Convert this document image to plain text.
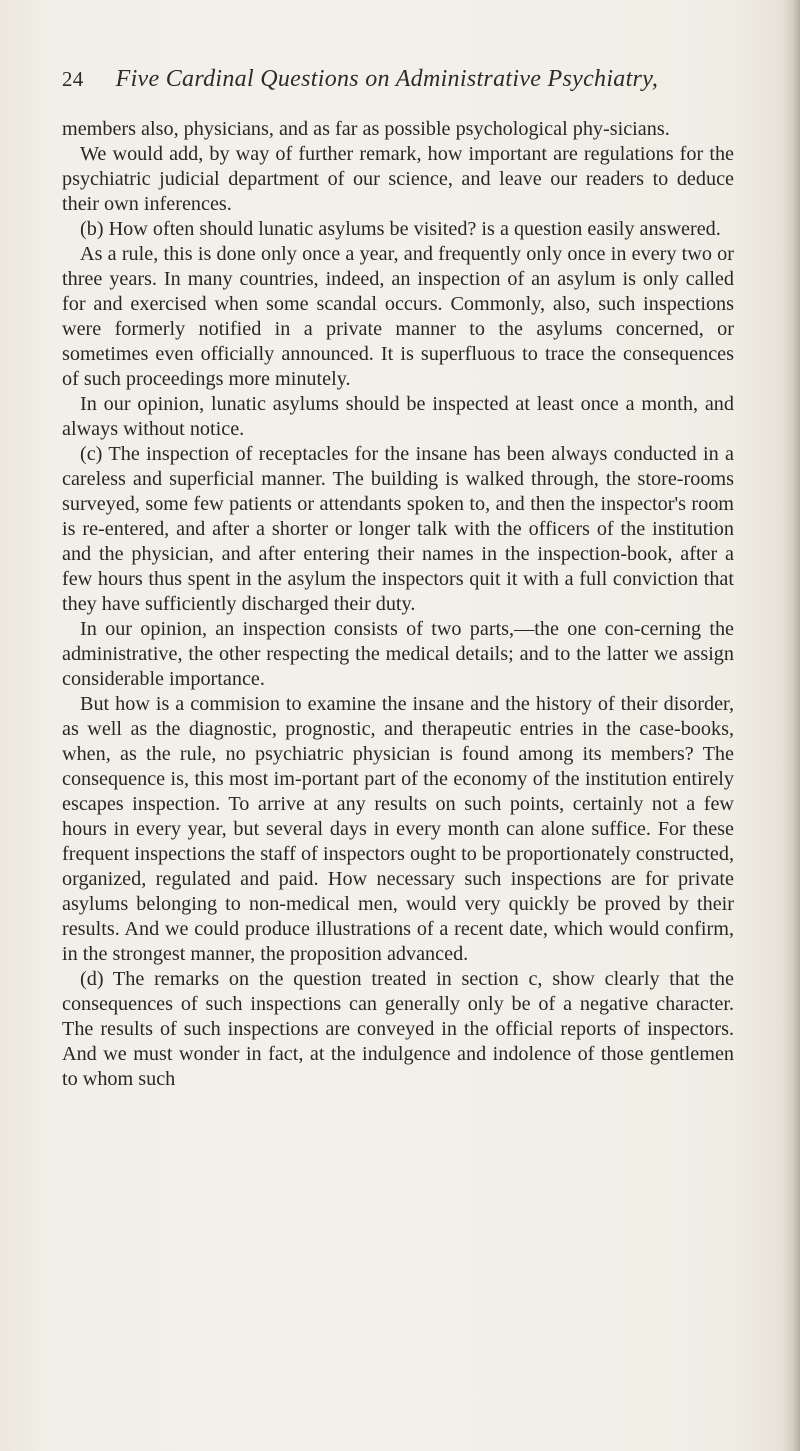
24 Five Cardinal Questions on Administrative Psychiatry,

members also, physicians, and as far as possible psychological phy-sicians.

We would add, by way of further remark, how important are regulations for the psychiatric judicial department of our science, and leave our readers to deduce their own inferences.

(b) How often should lunatic asylums be visited? is a question easily answered.

As a rule, this is done only once a year, and frequently only once in every two or three years. In many countries, indeed, an inspection of an asylum is only called for and exercised when some scandal occurs. Commonly, also, such inspections were formerly notified in a private manner to the asylums concerned, or sometimes even officially announced. It is superfluous to trace the consequences of such proceedings more minutely.

In our opinion, lunatic asylums should be inspected at least once a month, and always without notice.

(c) The inspection of receptacles for the insane has been always conducted in a careless and superficial manner. The building is walked through, the store-rooms surveyed, some few patients or attendants spoken to, and then the inspector's room is re-entered, and after a shorter or longer talk with the officers of the institution and the physician, and after entering their names in the inspection-book, after a few hours thus spent in the asylum the inspectors quit it with a full conviction that they have sufficiently discharged their duty.

In our opinion, an inspection consists of two parts,—the one con-cerning the administrative, the other respecting the medical details; and to the latter we assign considerable importance.

But how is a commision to examine the insane and the history of their disorder, as well as the diagnostic, prognostic, and therapeutic entries in the case-books, when, as the rule, no psychiatric physician is found among its members? The consequence is, this most im-portant part of the economy of the institution entirely escapes inspection. To arrive at any results on such points, certainly not a few hours in every year, but several days in every month can alone suffice. For these frequent inspections the staff of inspectors ought to be proportionately constructed, organized, regulated and paid. How necessary such inspections are for private asylums belonging to non-medical men, would very quickly be proved by their results. And we could produce illustrations of a recent date, which would confirm, in the strongest manner, the proposition advanced.

(d) The remarks on the question treated in section c, show clearly that the consequences of such inspections can generally only be of a negative character. The results of such inspections are conveyed in the official reports of inspectors. And we must wonder in fact, at the indulgence and indolence of those gentlemen to whom such
